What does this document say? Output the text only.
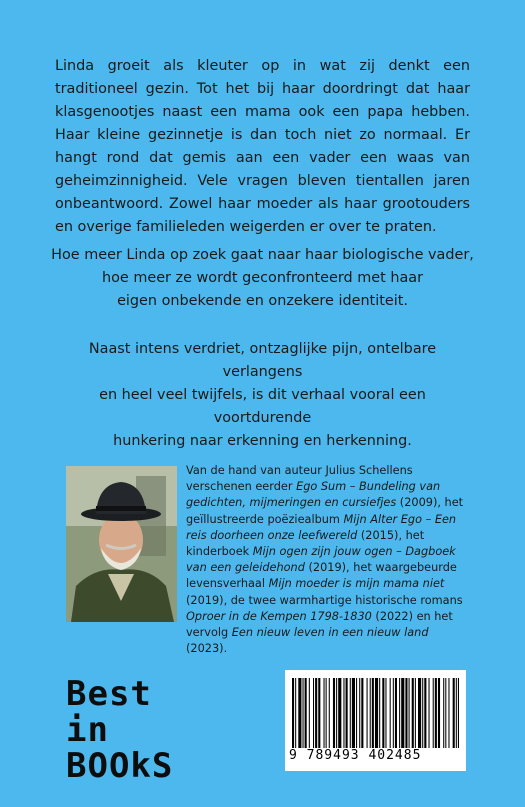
Linda groeit als kleuter op in wat zij denkt een traditioneel gezin. Tot het bij haar doordringt dat haar klasgenootjes naast een mama ook een papa hebben. Haar kleine gezinnetje is dan toch niet zo normaal. Er hangt rond dat gemis aan een vader een waas van geheimzinnigheid. Vele vragen bleven tientallen jaren onbeantwoord. Zowel haar moeder als haar grootouders en overige familieleden weigerden er over te praten.

Hoe meer Linda op zoek gaat naar haar biologische vader,
hoe meer ze wordt geconfronteerd met haar
eigen onbekende en onzekere identiteit.

Naast intens verdriet, ontzaglijke pijn, ontelbare verlangens
en heel veel twijfels, is dit verhaal vooral een voortdurende
hunkering naar erkenning en herkenning.

Van de hand van auteur Julius Schellens verschenen eerder Ego Sum – Bundeling van gedichten, mijmeringen en cursiefjes (2009), het geïllustreerde poëziealbum Mijn Alter Ego – Een reis doorheen onze leefwereld (2015), het kinderboek Mijn ogen zijn jouw ogen – Dagboek van een geleidehond (2019), het waargebeurde levensverhaal Mijn moeder is mijn mama niet (2019), de twee warmhartige historische romans Oproer in de Kempen 1798-1830 (2022) en het vervolg Een nieuw leven in een nieuw land (2023).

Best in
BOOkS	9 789493 402485
